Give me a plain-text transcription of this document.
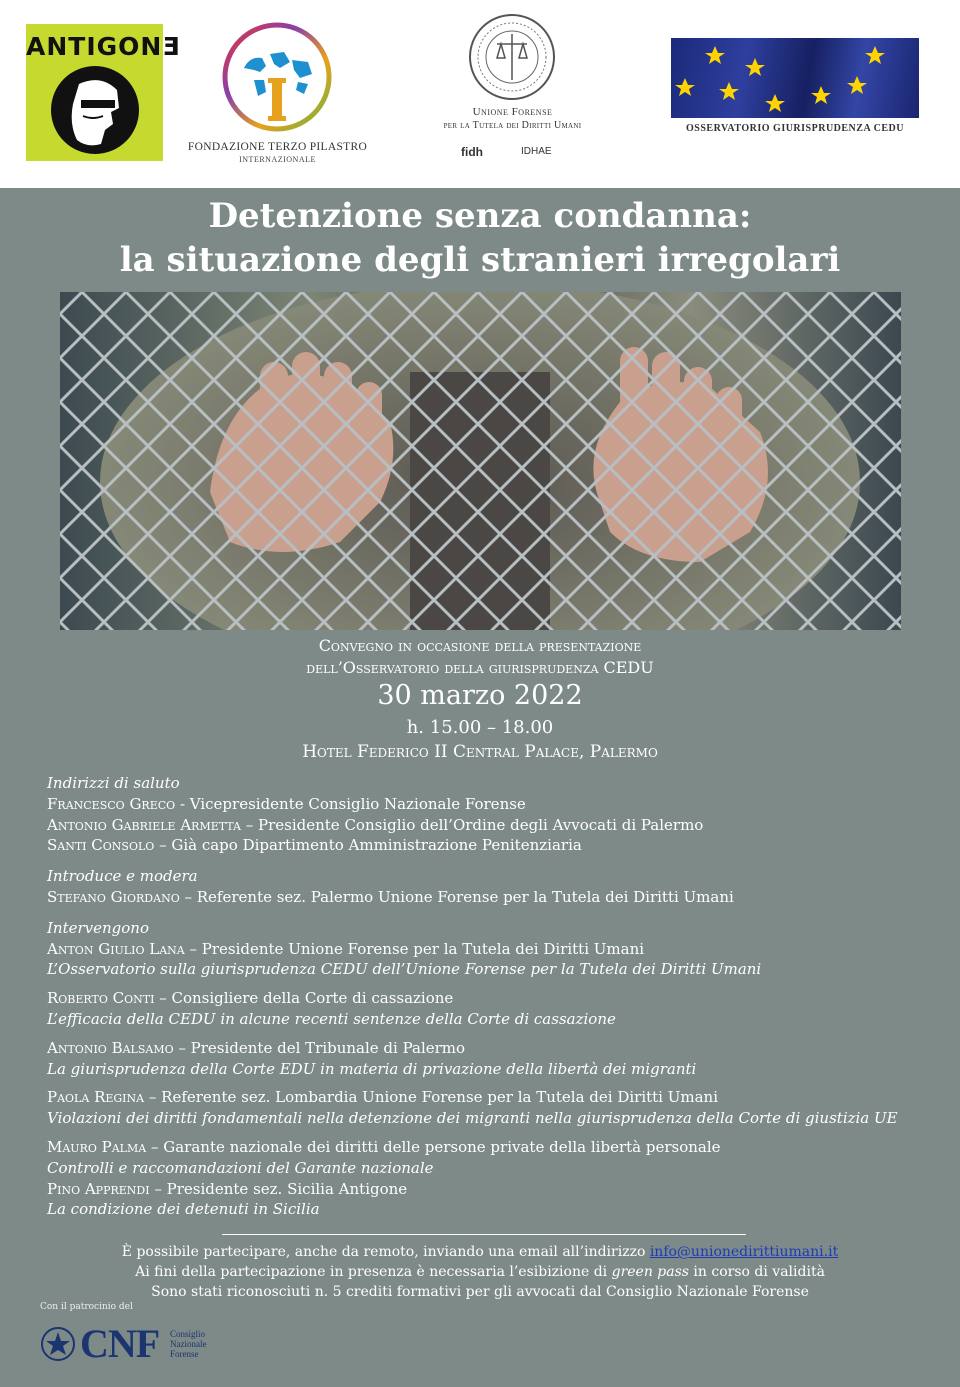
ANTIGONƎ
FONDAZIONE TERZO PILASTRO
INTERNAZIONALE
Unione Forense
per la Tutela dei Diritti Umani
fidh	IDHAE
OSSERVATORIO GIURISPRUDENZA CEDU
Detenzione senza condanna:
la situazione degli stranieri irregolari
Convegno in occasione della presentazione
dell’Osservatorio della giurisprudenza CEDU
30 marzo 2022
h. 15.00 – 18.00
Hotel Federico II Central Palace, Palermo
Indirizzi di saluto
Francesco Greco - Vicepresidente Consiglio Nazionale Forense
Antonio Gabriele Armetta – Presidente Consiglio dell’Ordine degli Avvocati di Palermo
Santi Consolo – Già capo Dipartimento Amministrazione Penitenziaria
Introduce e modera
Stefano Giordano – Referente sez. Palermo Unione Forense per la Tutela dei Diritti Umani
Intervengono
Anton Giulio Lana – Presidente Unione Forense per la Tutela dei Diritti Umani
L’Osservatorio sulla giurisprudenza CEDU dell’Unione Forense per la Tutela dei Diritti Umani
Roberto Conti – Consigliere della Corte di cassazione
L’efficacia della CEDU in alcune recenti sentenze della Corte di cassazione
Antonio Balsamo – Presidente del Tribunale di Palermo
La giurisprudenza della Corte EDU in materia di privazione della libertà dei migranti
Paola Regina – Referente sez. Lombardia Unione Forense per la Tutela dei Diritti Umani
Violazioni dei diritti fondamentali nella detenzione dei migranti nella giurisprudenza della Corte di giustizia UE
Mauro Palma – Garante nazionale dei diritti delle persone private della libertà personale
Controlli e raccomandazioni del Garante nazionale
Pino Apprendi – Presidente sez. Sicilia Antigone
La condizione dei detenuti in Sicilia
È possibile partecipare, anche da remoto, inviando una email all’indirizzo info@unionedirittiumani.it
Ai fini della partecipazione in presenza è necessaria l’esibizione di green pass in corso di validità
Sono stati riconosciuti n. 5 crediti formativi per gli avvocati dal Consiglio Nazionale Forense
Con il patrocinio del
CNF Consiglio
Nazionale
Forense
